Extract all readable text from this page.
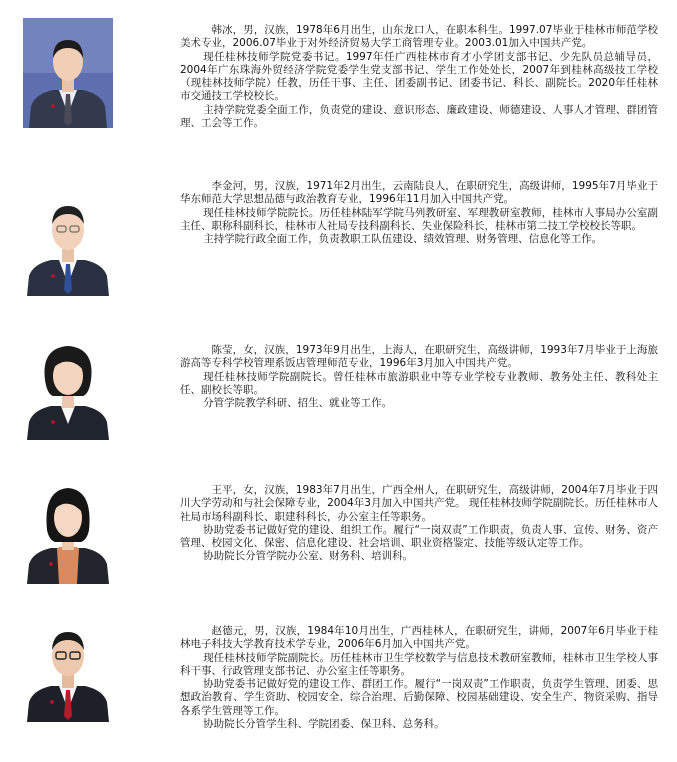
韩冰，男，汉族，1978年6月出生，山东龙口人，在职本科生。1997.07毕业于桂林市师范学校美术专业，2006.07毕业于对外经济贸易大学工商管理专业。2003.01加入中国共产党。

现任桂林技师学院党委书记。1997年任广西桂林市育才小学团支部书记、少先队员总辅导员，2004年广东珠海外贸经济学院党委学生党支部书记、学生工作处处长，2007年到桂林高级技工学校（现桂林技师学院）任教，历任干事、主任、团委副书记、团委书记、科长、副院长。2020年任桂林市交通技工学校校长。

主持学院党委全面工作，负责党的建设、意识形态、廉政建设、师德建设、人事人才管理、群团管理、工会等工作。

李金河，男，汉族，1971年2月出生，云南陆良人，在职研究生，高级讲师，1995年7月毕业于华东师范大学思想品德与政治教育专业，1996年11月加入中国共产党。

现任桂林技师学院院长。历任桂林陆军学院马列教研室、军理教研室教师，桂林市人事局办公室副主任、职称科副科长，桂林市人社局专技科副科长、失业保险科长，桂林市第二技工学校校长等职。

主持学院行政全面工作，负责教职工队伍建设、绩效管理、财务管理、信息化等工作。

陈莹，女，汉族，1973年9月出生，上海人，在职研究生，高级讲师，1993年7月毕业于上海旅游高等专科学校管理系饭店管理师范专业，1996年3月加入中国共产党。

现任桂林技师学院副院长。曾任桂林市旅游职业中等专业学校专业教师、教务处主任、教科处主任、副校长等职。

分管学院教学科研、招生、就业等工作。

王平，女，汉族，1983年7月出生，广西全州人，在职研究生，高级讲师，2004年7月毕业于四川大学劳动和与社会保障专业，2004年3月加入中国共产党。 现任桂林技师学院副院长。历任桂林市人社局市场科副科长、职建科科长，办公室主任等职务。

协助党委书记做好党的建设、组织工作。履行“一岗双责”工作职责，负责人事、宣传、财务、资产管理、校园文化、保密、信息化建设、社会培训、职业资格鉴定、技能等级认定等工作。

协助院长分管学院办公室、财务科、培训科。

赵德元，男，汉族，1984年10月出生，广西桂林人，在职研究生，讲师，2007年6月毕业于桂林电子科技大学教育技术学专业，2006年6月加入中国共产党。

现任桂林技师学院副院长。历任桂林市卫生学校数学与信息技术教研室教师，桂林市卫生学校人事科干事、行政管理支部书记、办公室主任等职务。

协助党委书记做好党的建设工作、群团工作。履行“一岗双责”工作职责，负责学生管理、团委、思想政治教育、学生资助、校园安全、综合治理、后勤保障、校园基础建设、安全生产、物资采购、指导各系学生管理等工作。

协助院长分管学生科、学院团委、保卫科、总务科。
